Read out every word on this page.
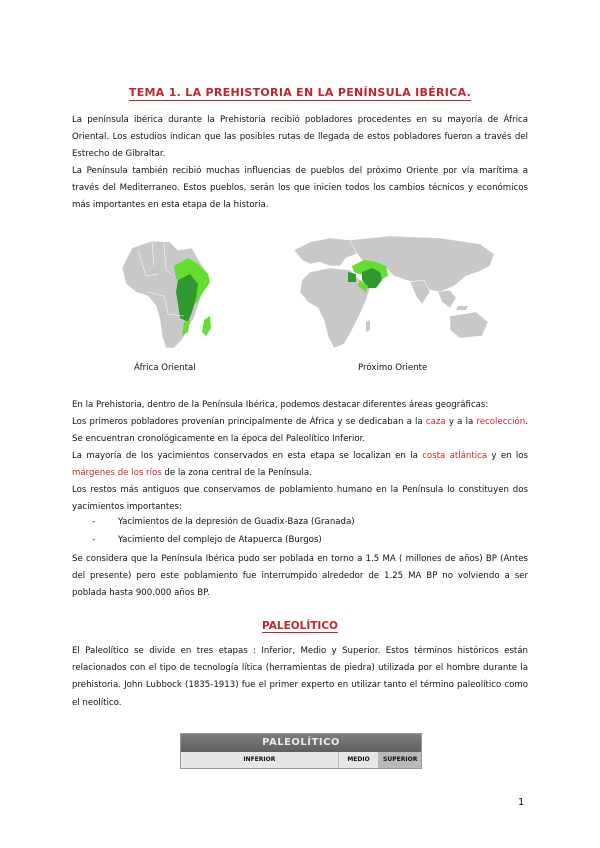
TEMA 1. LA PREHISTORIA EN LA PENÍNSULA IBÉRICA.

La península ibérica durante la Prehistoria recibió pobladores procedentes en su mayoría de África Oriental. Los estudios indican que las posibles rutas de llegada de estos pobladores fueron a través del Estrecho de Gibraltar.

La Península también recibió muchas influencias de pueblos del próximo Oriente por vía marítima a través del Mediterraneo. Estos pueblos, serán los que inicien todos los cambios técnicos y económicos más importantes en esta etapa de la historia.

África Oriental	Próximo Oriente

En la Prehistoria, dentro de la Península Ibérica, podemos destacar diferentes áreas geográficas:

Los primeros pobladores provenían principalmente de África y se dedicaban a la caza y a la recolección. Se encuentran cronológicamente en la época del Paleolítico Inferior.

La mayoría de los yacimientos conservados en esta etapa se localizan en la costa atlántica y en los márgenes de los ríos de la zona central de la Península.

Los restos más antiguos que conservamos de poblamiento humano en la Península lo constituyen dos yacimientos importantes:

-	Yacimientos de la depresión de Guadix-Baza (Granada)
-	Yacimiento del complejo de Atapuerca (Burgos)

Se considera que la Península Ibérica pudo ser poblada en torno a 1.5 MA ( millones de años) BP (Antes del presente) pero este poblamiento fue interrumpido alrededor de 1.25 MA BP no volviendo a ser poblada hasta 900.000 años BP.

PALEOLÍTICO

El Paleolítico se divide en tres etapas : Inferior, Medio y Superior. Estos términos históricos están relacionados con el tipo de tecnología lítica (herramientas de piedra) utilizada por el hombre durante la prehistoria. John Lubbock (1835-1913) fue el primer experto en utilizar tanto el término paleolítico como el neolítico.

PALEOLÍTICO
INFERIOR	MEDIO	SUPERIOR
1
